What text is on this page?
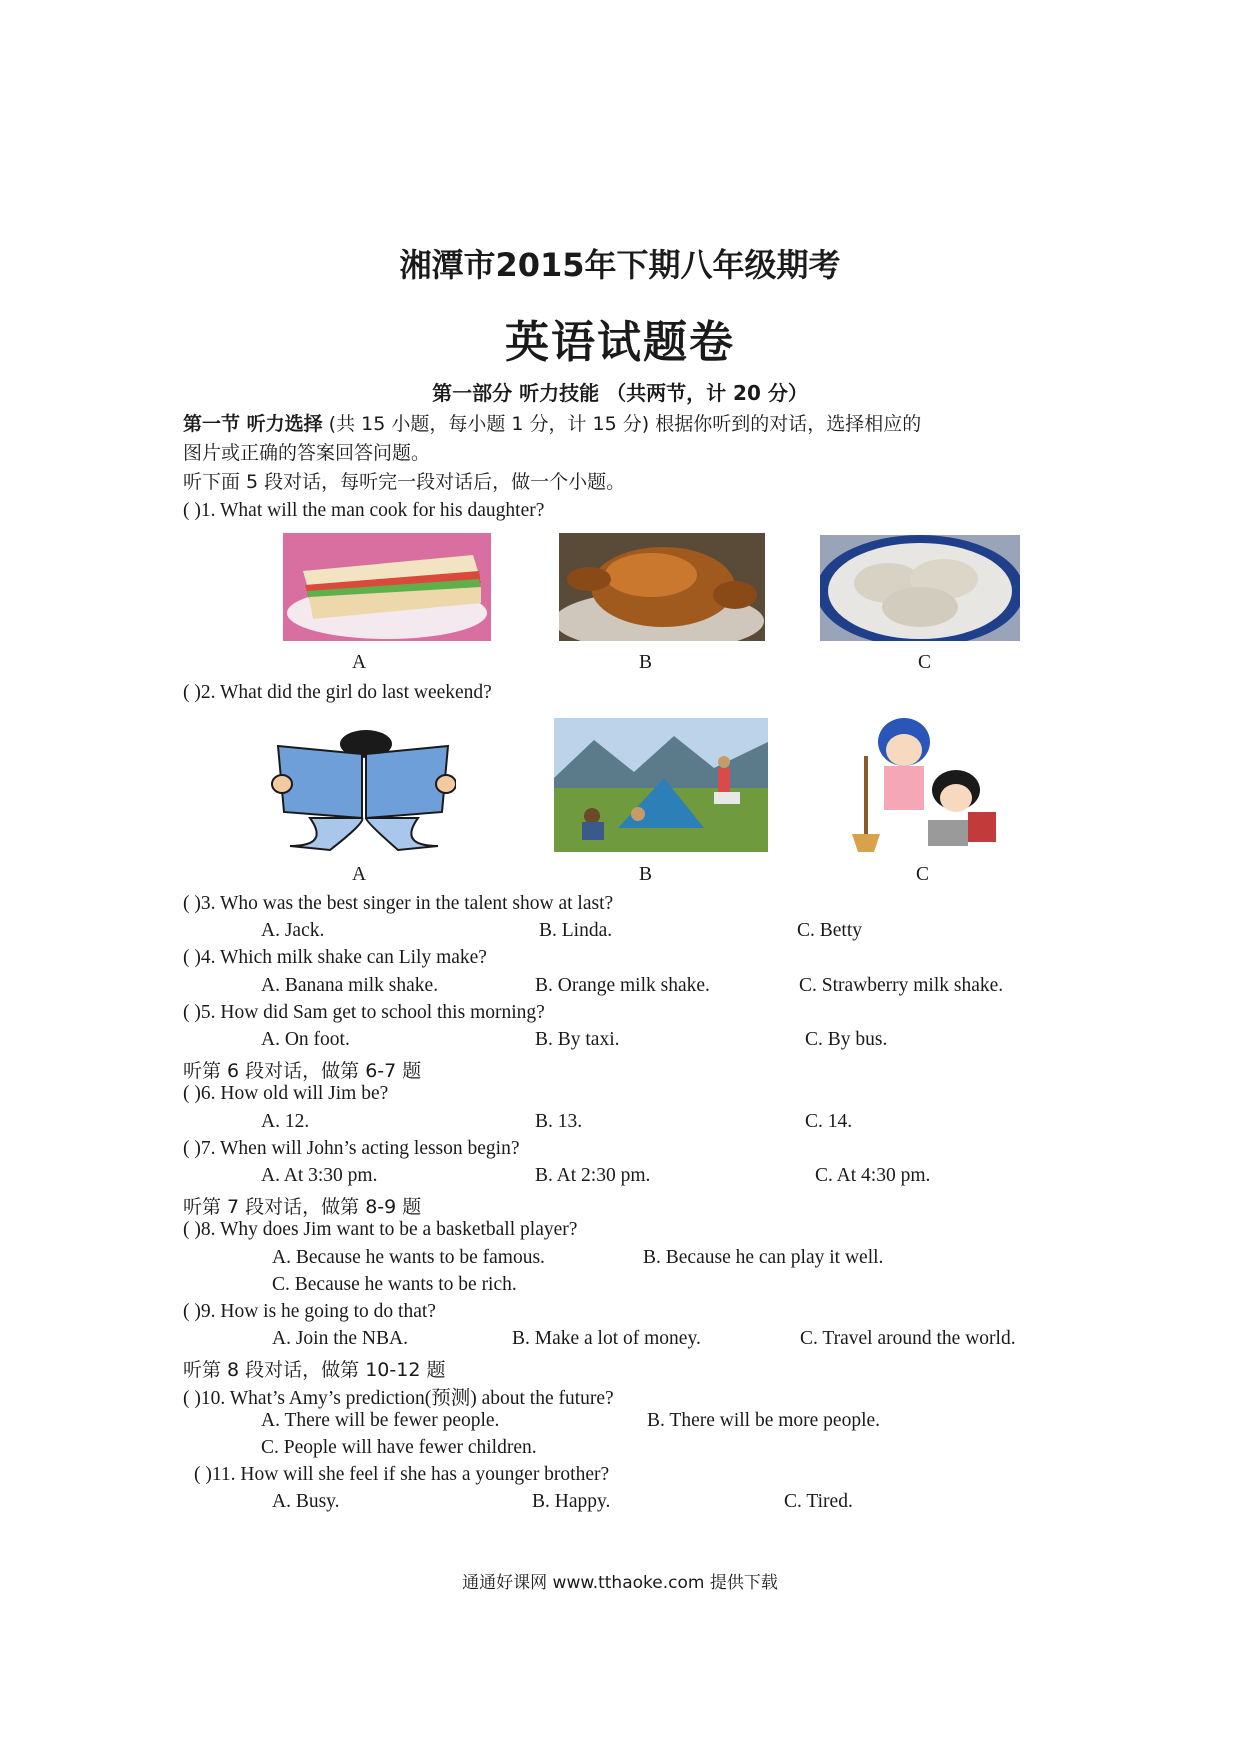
湘潭市2015年下期八年级期考
英语试题卷
第一部分 听力技能 （共两节，计 20 分）
第一节 听力选择 (共 15 小题，每小题 1 分，计 15 分) 根据你听到的对话，选择相应的
图片或正确的答案回答问题。
听下面 5 段对话，每听完一段对话后，做一个小题。
( )1. What will the man cook for his daughter?
A	B	C
( )2. What did the girl do last weekend?
A	B	C
( )3. Who was the best singer in the talent show at last?
A. Jack.	B. Linda.	C. Betty
( )4. Which milk shake can Lily make?
A. Banana milk shake.	B. Orange milk shake.	C. Strawberry milk shake.
( )5. How did Sam get to school this morning?
A. On foot.	B. By taxi.	C. By bus.
听第 6 段对话，做第 6-7 题
( )6. How old will Jim be?
A. 12.	B. 13.	C. 14.
( )7. When will John’s acting lesson begin?
A. At 3:30 pm.	B. At 2:30 pm.	C. At 4:30 pm.
听第 7 段对话，做第 8-9 题
( )8. Why does Jim want to be a basketball player?
A. Because he wants to be famous.	B. Because he can play it well.
C. Because he wants to be rich.
( )9. How is he going to do that?
A. Join the NBA.	B. Make a lot of money.	C. Travel around the world.
听第 8 段对话，做第 10-12 题
( )10. What’s Amy’s prediction(预测) about the future?
A. There will be fewer people.	B. There will be more people.
C. People will have fewer children.
( )11. How will she feel if she has a younger brother?
A. Busy.	B. Happy.	C. Tired.
通通好课网 www.tthaoke.com 提供下载
